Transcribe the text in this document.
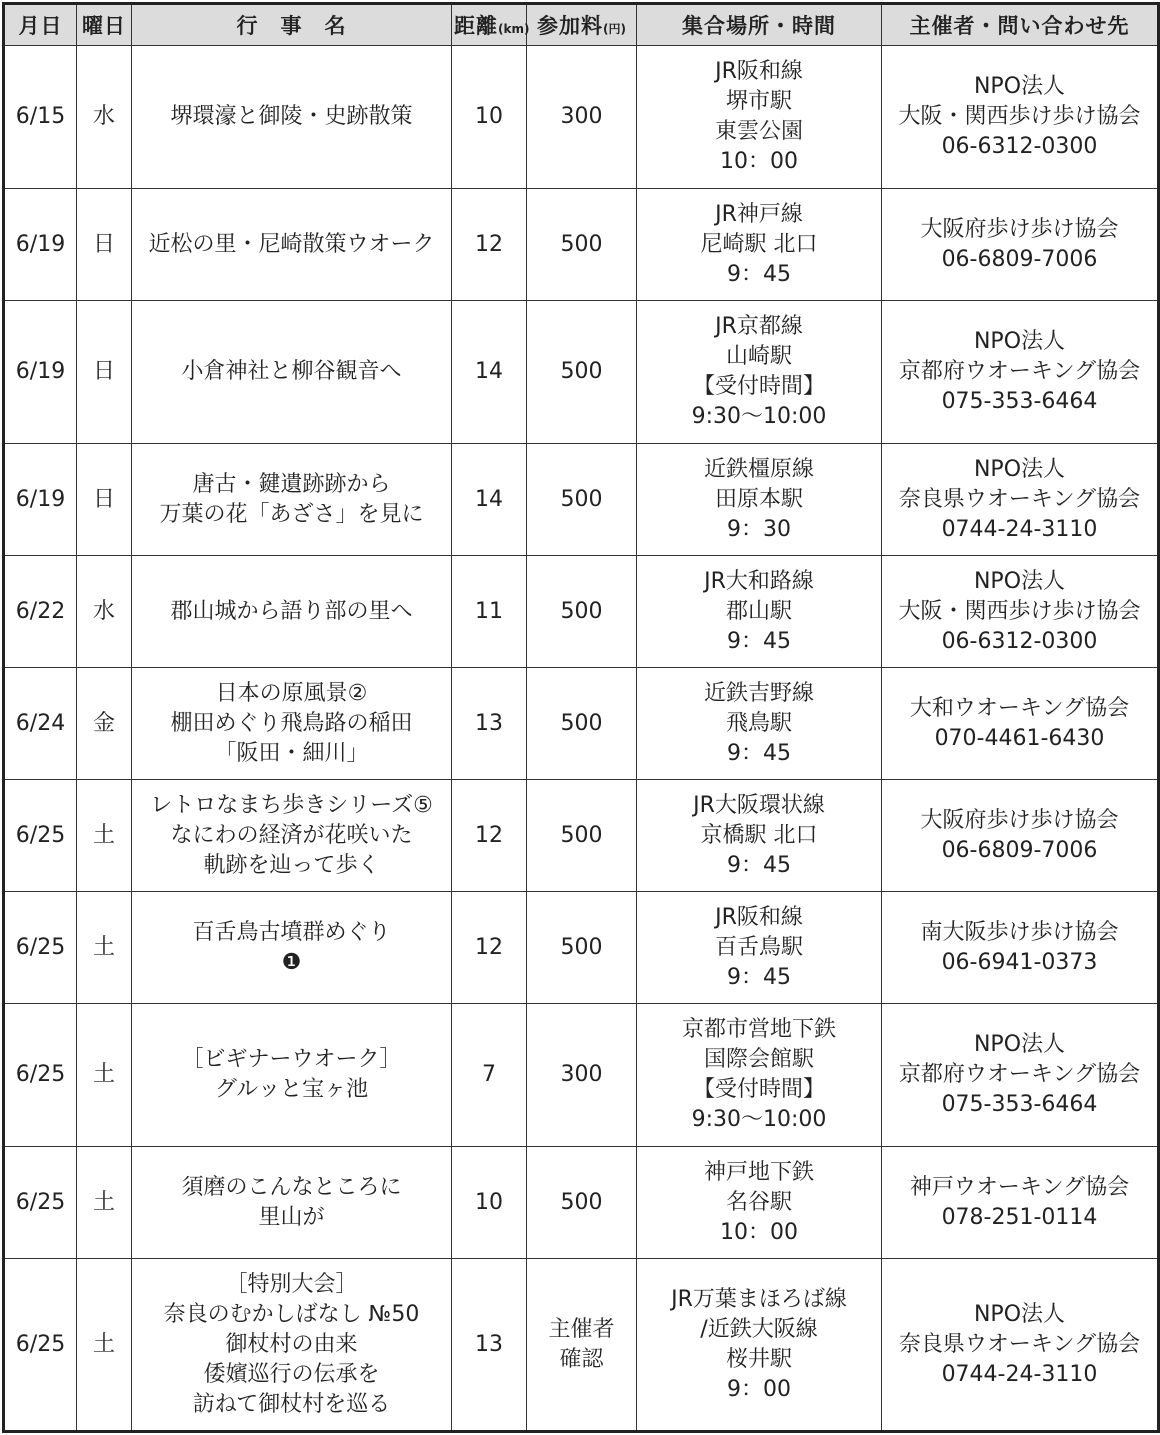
月日	曜日	行　事　名	距離(km)	参加料(円)	集合場所・時間	主催者・問い合わせ先
6/15	水	堺環濠と御陵・史跡散策	10	300	JR阪和線
堺市駅
東雲公園
10：00	NPO法人
大阪・関西歩け歩け協会
06-6312-0300

6/19	日	近松の里・尼崎散策ウオーク	12	500	JR神戸線
尼崎駅 北口
9：45	大阪府歩け歩け協会
06-6809-7006

6/19	日	小倉神社と柳谷観音へ	14	500	JR京都線
山崎駅
【受付時間】
9:30〜10:00	NPO法人
京都府ウオーキング協会
075-353-6464

6/19	日	唐古・鍵遺跡跡から
万葉の花「あざさ」を見に	14	500	近鉄橿原線
田原本駅
9：30	NPO法人
奈良県ウオーキング協会
0744-24-3110

6/22	水	郡山城から語り部の里へ	11	500	JR大和路線
郡山駅
9：45	NPO法人
大阪・関西歩け歩け協会
06-6312-0300

6/24	金	日本の原風景②
棚田めぐり飛鳥路の稲田
「阪田・細川」	13	500	近鉄吉野線
飛鳥駅
9：45	大和ウオーキング協会
070-4461-6430

6/25	土	レトロなまち歩きシリーズ⑤
なにわの経済が花咲いた
軌跡を辿って歩く	12	500	JR大阪環状線
京橋駅 北口
9：45	大阪府歩け歩け協会
06-6809-7006

6/25	土	百舌鳥古墳群めぐり
❶	12	500	JR阪和線
百舌鳥駅
9：45	南大阪歩け歩け協会
06-6941-0373

6/25	土	［ビギナーウオーク］
グルッと宝ヶ池	7	300	京都市営地下鉄
国際会館駅
【受付時間】
9:30〜10:00	NPO法人
京都府ウオーキング協会
075-353-6464

6/25	土	須磨のこんなところに
里山が	10	500	神戸地下鉄
名谷駅
10：00	神戸ウオーキング協会
078-251-0114

6/25	土	［特別大会］
奈良のむかしばなし №50
御杖村の由来
倭嬪巡行の伝承を
訪ねて御杖村を巡る	13	主催者
確認	JR万葉まほろば線
/近鉄大阪線
桜井駅
9：00	NPO法人
奈良県ウオーキング協会
0744-24-3110
